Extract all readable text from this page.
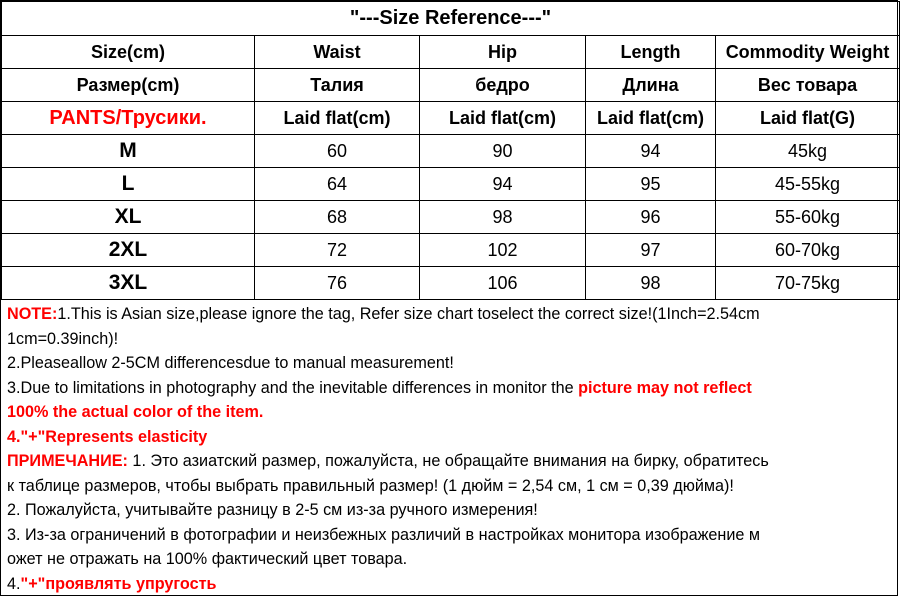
"---Size Reference---"				
Size(cm)	Waist	Hip	Length	Commodity Weight
Размер(cm)	Талия	бедро	Длина	Вес товара
PANTS/Трусики.	Laid flat(cm)	Laid flat(cm)	Laid flat(cm)	Laid flat(G)
M	60	90	94	45kg
L	64	94	95	45-55kg
XL	68	98	96	55-60kg
2XL	72	102	97	60-70kg
3XL	76	106	98	70-75kg

NOTE:1.This is Asian size,please ignore the tag, Refer size chart toselect the correct size!(1Inch=2.54cm

1cm=0.39inch)!

2.Pleaseallow 2-5CM differencesdue to manual measurement!

3.Due to limitations in photography and the inevitable differences in monitor the picture may not reflect

100% the actual color of the item.

4."+"Represents elasticity

ПРИМЕЧАНИЕ: 1. Это азиатский размер, пожалуйста, не обращайте внимания на бирку, обратитесь

к таблице размеров, чтобы выбрать правильный размер! (1 дюйм = 2,54 см, 1 см = 0,39 дюйма)!

2. Пожалуйста, учитывайте разницу в 2-5 см из-за ручного измерения!

3. Из-за ограничений в фотографии и неизбежных различий в настройках монитора изображение м

ожет не отражать на 100% фактический цвет товара.

4."+"проявлять упругость
